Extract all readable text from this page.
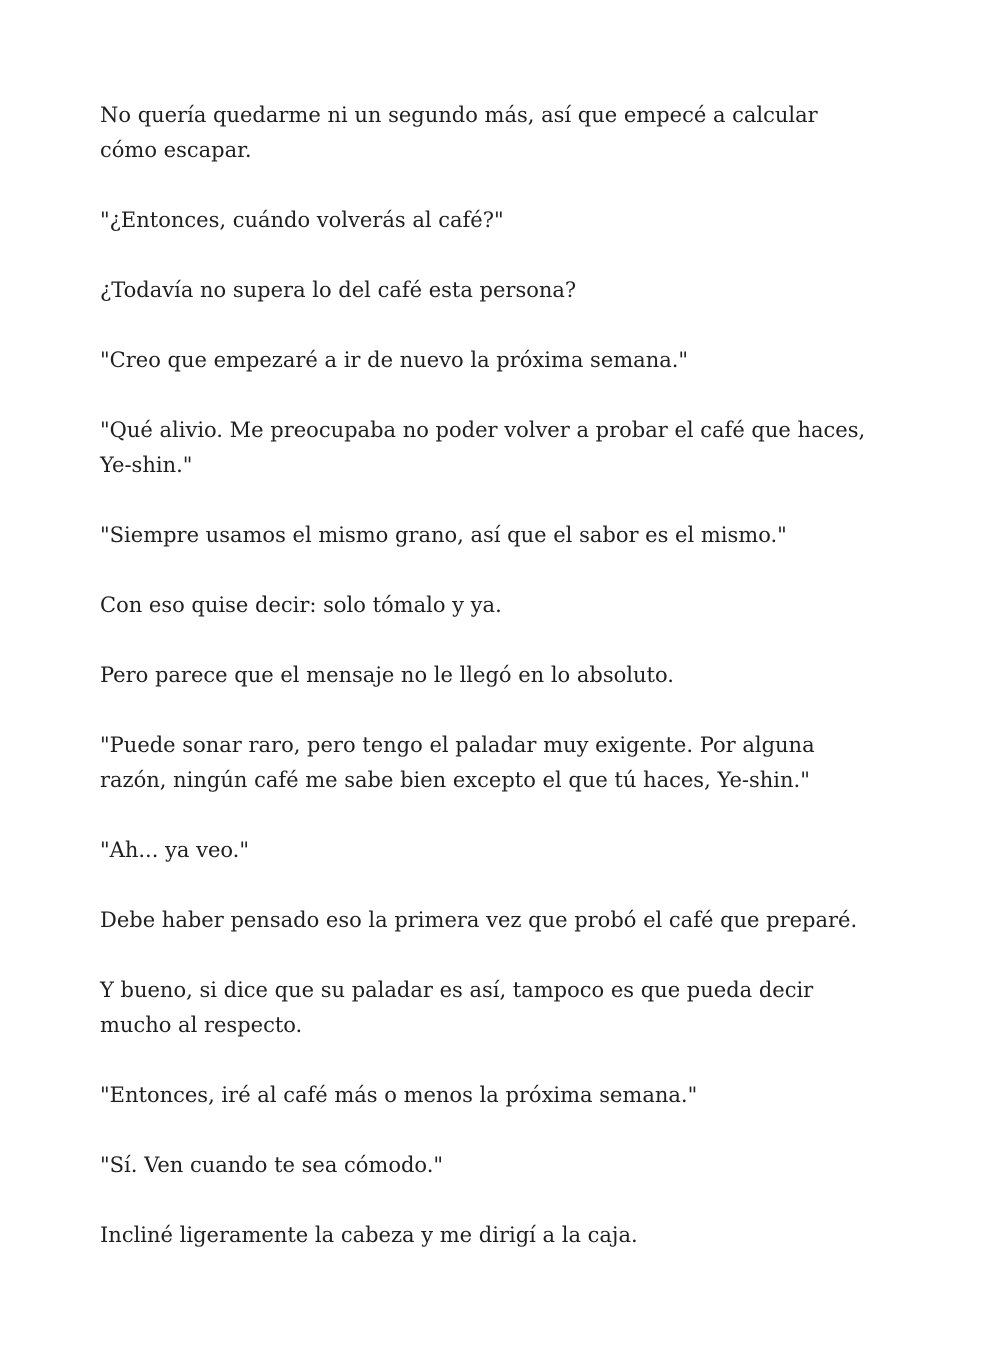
No quería quedarme ni un segundo más, así que empecé a calcular cómo escapar.

"¿Entonces, cuándo volverás al café?"

¿Todavía no supera lo del café esta persona?

"Creo que empezaré a ir de nuevo la próxima semana."

"Qué alivio. Me preocupaba no poder volver a probar el café que haces, Ye-shin."

"Siempre usamos el mismo grano, así que el sabor es el mismo."

Con eso quise decir: solo tómalo y ya.

Pero parece que el mensaje no le llegó en lo absoluto.

"Puede sonar raro, pero tengo el paladar muy exigente. Por alguna razón, ningún café me sabe bien excepto el que tú haces, Ye-shin."

"Ah... ya veo."

Debe haber pensado eso la primera vez que probó el café que preparé.

Y bueno, si dice que su paladar es así, tampoco es que pueda decir mucho al respecto.

"Entonces, iré al café más o menos la próxima semana."

"Sí. Ven cuando te sea cómodo."

Incliné ligeramente la cabeza y me dirigí a la caja.
